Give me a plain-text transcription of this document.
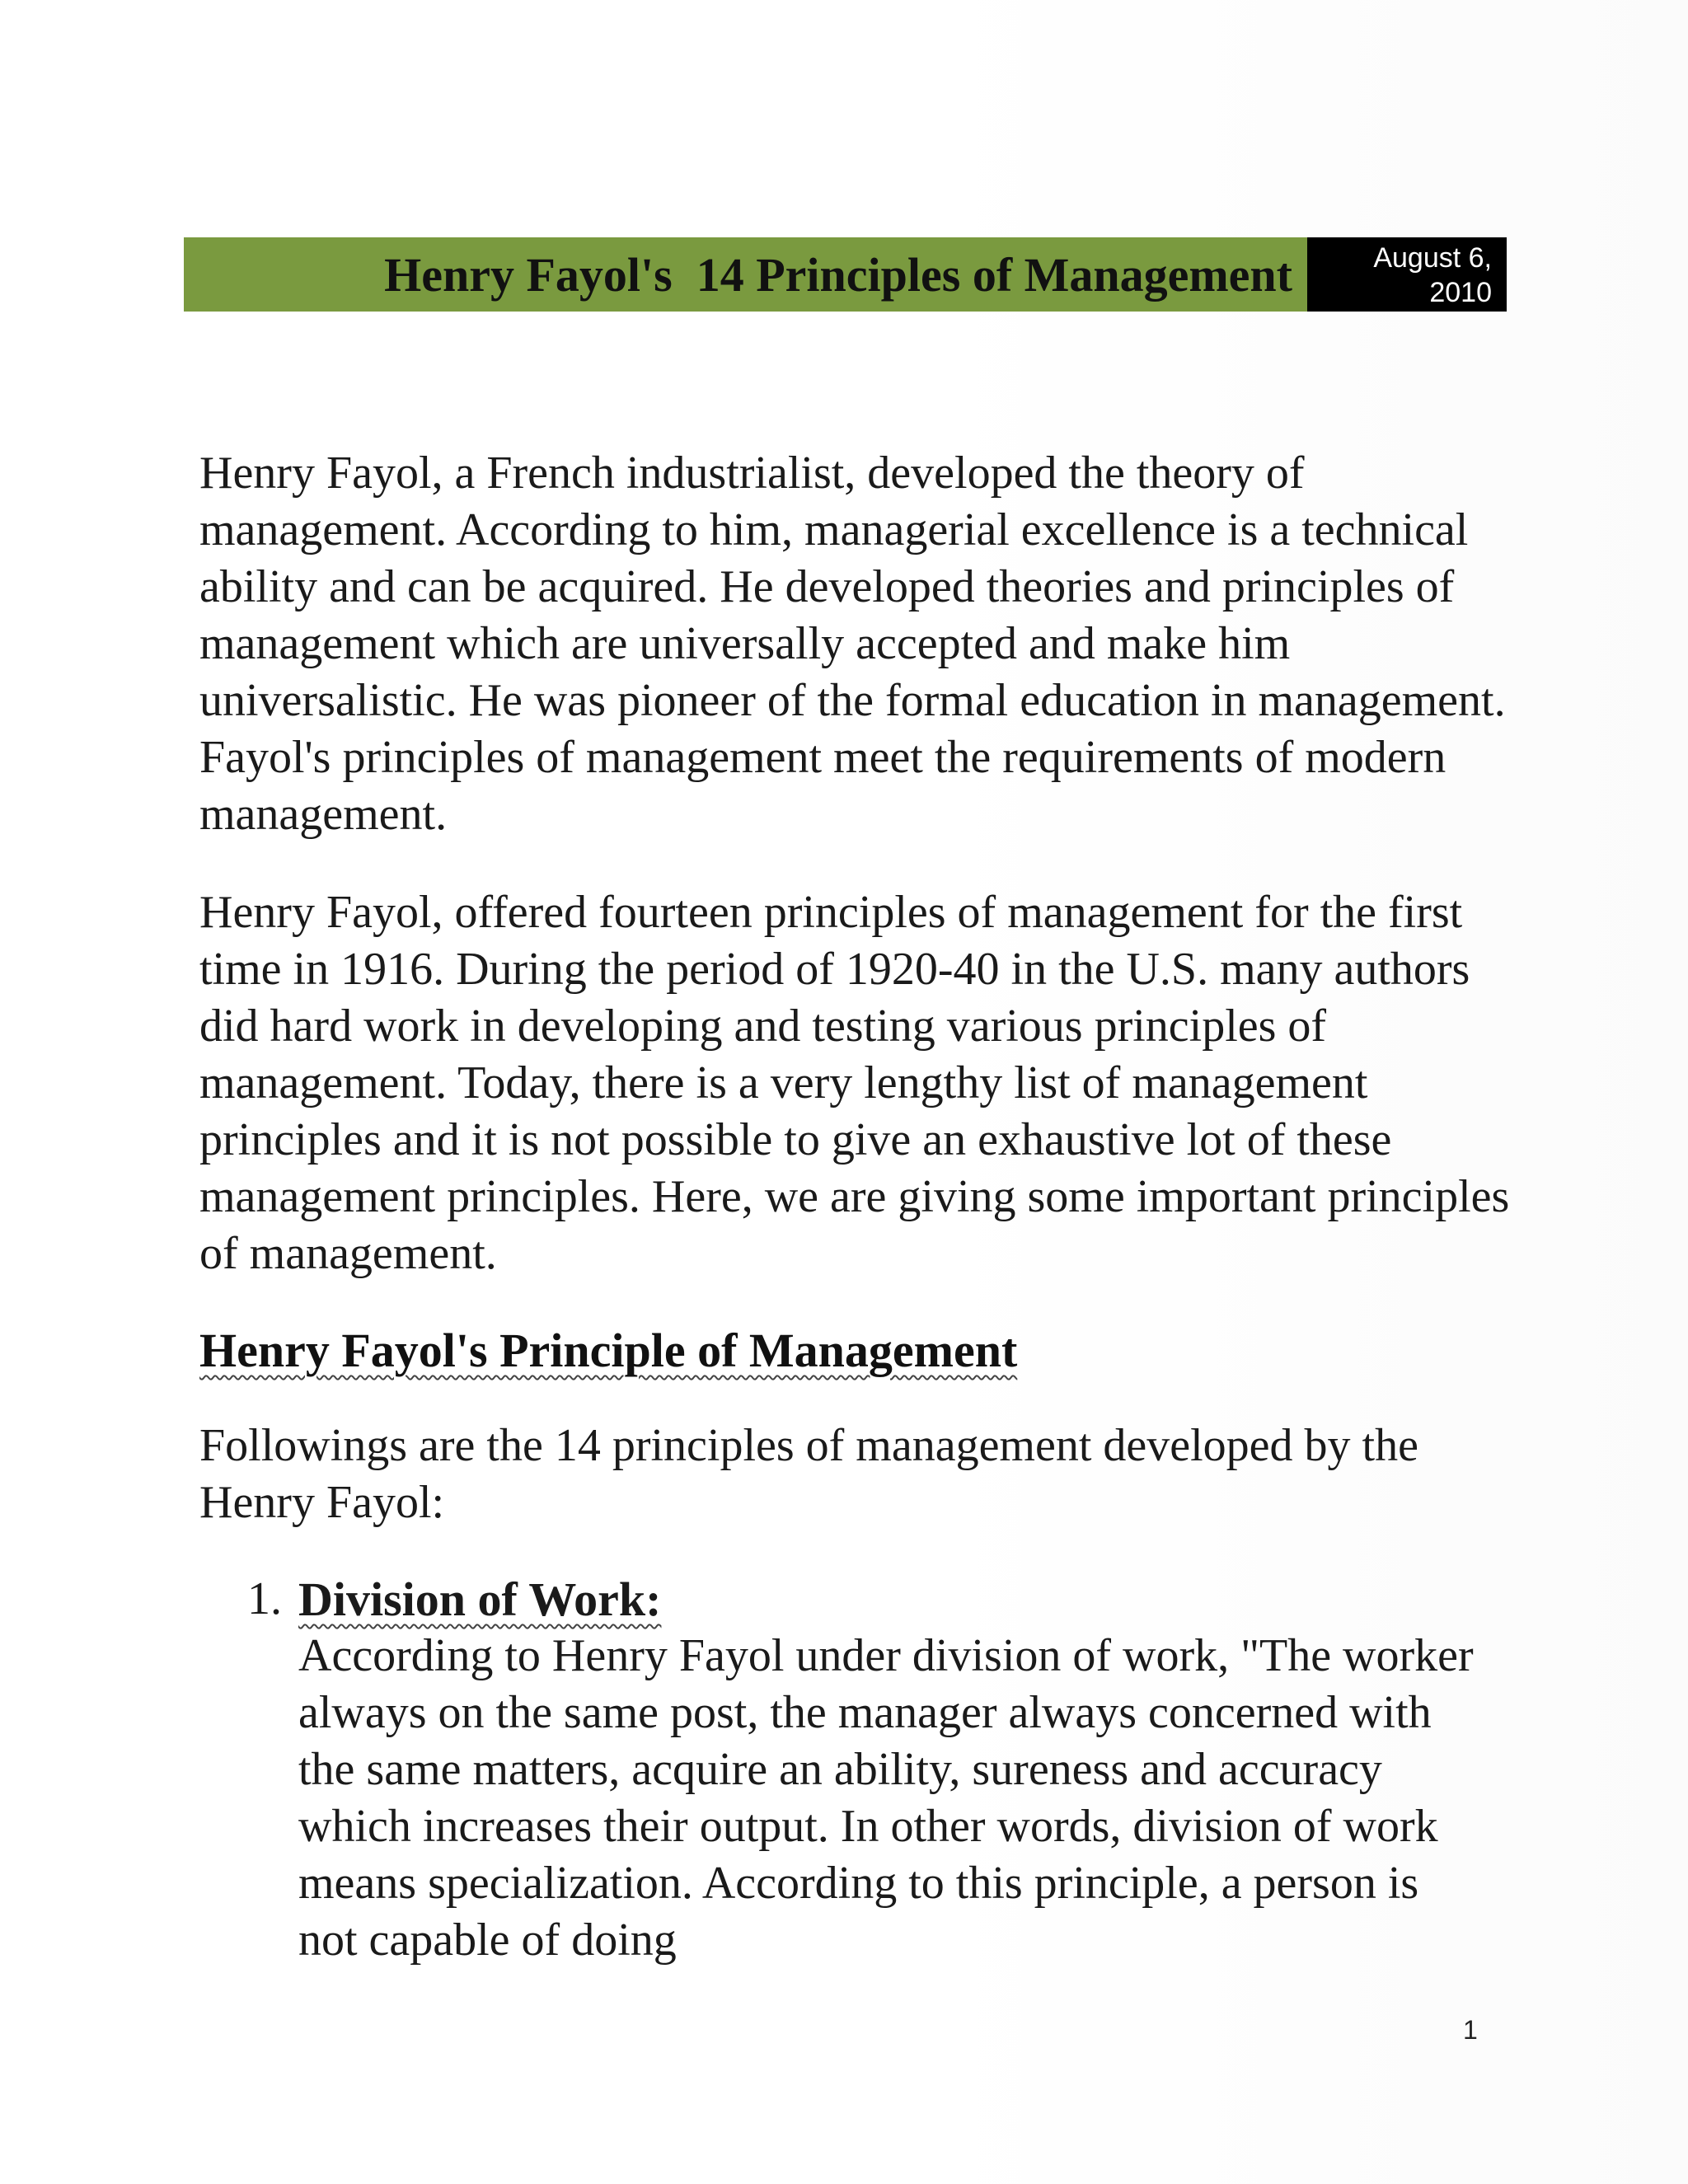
Henry Fayol's  14 Principles of Management	August 6,
2010

Henry Fayol, a French industrialist, developed the theory of management. According to him, managerial excellence is a technical ability and can be acquired. He developed theories and principles of management which are universally accepted and make him universalistic. He was pioneer of the formal education in management. Fayol's principles of management meet the requirements of modern management.

Henry Fayol, offered fourteen principles of management for the first time in 1916. During the period of 1920-40 in the U.S. many authors did hard work in developing and testing various principles of management. Today, there is a very lengthy list of management principles and it is not possible to give an exhaustive lot of these management principles. Here, we are giving some important principles of management.

Henry Fayol's Principle of Management

Followings are the 14 principles of management developed by the Henry Fayol:

1. Division of Work:
According to Henry Fayol under division of work, "The worker always on the same post, the manager always concerned with the same matters, acquire an ability, sureness and accuracy which increases their output. In other words, division of work means specialization. According to this principle, a person is not capable of doing
1
